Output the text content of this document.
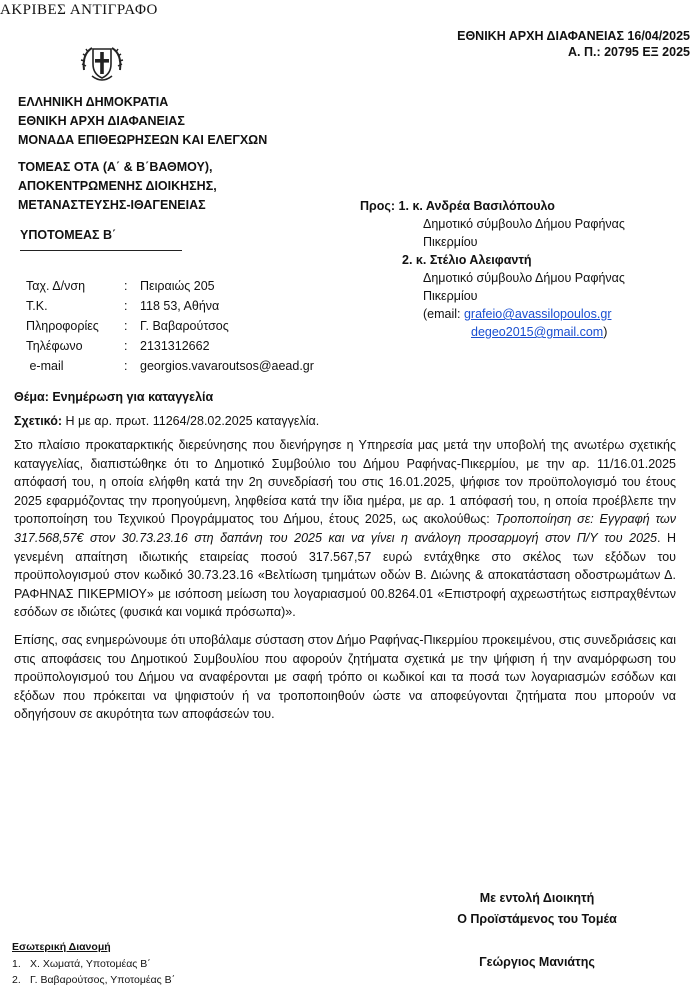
ΑΚΡΙΒΕΣ ΑΝΤΙΓΡΑΦΟ
ΕΘΝΙΚΗ ΑΡΧΗ ΔΙΑΦΑΝΕΙΑΣ 16/04/2025
Α. Π.: 20795 ΕΞ 2025
ΕΛΛΗΝΙΚΗ ΔΗΜΟΚΡΑΤΙΑ
ΕΘΝΙΚΗ ΑΡΧΗ ΔΙΑΦΑΝΕΙΑΣ
ΜΟΝΑΔΑ ΕΠΙΘΕΩΡΗΣΕΩΝ ΚΑΙ ΕΛΕΓΧΩΝ
ΤΟΜΕΑΣ ΟΤΑ (Α΄ & Β΄ΒΑΘΜΟΥ),
ΑΠΟΚΕΝΤΡΩΜΕΝΗΣ ΔΙΟΙΚΗΣΗΣ,
ΜΕΤΑΝΑΣΤΕΥΣΗΣ-ΙΘΑΓΕΝΕΙΑΣ
ΥΠΟΤΟΜΕΑΣ Β΄
Ταχ. Δ/νση	:	Πειραιώς 205
Τ.Κ.	:	118 53, Αθήνα
Πληροφορίες	:	Γ. Βαβαρούτσος
Τηλέφωνο	:	2131312662
e-mail	:	georgios.vavaroutsos@aead.gr
Προς: 1. κ. Ανδρέα Βασιλόπουλο
Δημοτικό σύμβουλο Δήμου Ραφήνας
Πικερμίου
2. κ. Στέλιο Αλειφαντή
Δημοτικό σύμβουλο Δήμου Ραφήνας
Πικερμίου
(email: grafeio@avassilopoulos.gr
degeo2015@gmail.com)
Θέμα: Ενημέρωση για καταγγελία
Σχετικό: Η με αρ. πρωτ. 11264/28.02.2025 καταγγελία.

Στο πλαίσιο προκαταρκτικής διερεύνησης που διενήργησε η Υπηρεσία μας μετά την υποβολή της ανωτέρω σχετικής καταγγελίας, διαπιστώθηκε ότι το Δημοτικό Συμβούλιο του Δήμου Ραφήνας-Πικερμίου, με την αρ. 11/16.01.2025 απόφασή του, η οποία ελήφθη κατά την 2η συνεδρίασή του στις 16.01.2025, ψήφισε τον προϋπολογισμό του έτους 2025 εφαρμόζοντας την προηγούμενη, ληφθείσα κατά την ίδια ημέρα, με αρ. 1 απόφασή του, η οποία προέβλεπε την τροποποίηση του Τεχνικού Προγράμματος του Δήμου, έτους 2025, ως ακολούθως: Τροποποίηση σε: Εγγραφή των 317.568,57€ στον 30.73.23.16 στη δαπάνη του 2025 και να γίνει η ανάλογη προσαρμογή στον Π/Υ του 2025. Η γενεμένη απαίτηση ιδιωτικής εταιρείας ποσού 317.567,57 ευρώ εντάχθηκε στο σκέλος των εξόδων του προϋπολογισμού στον κωδικό 30.73.23.16 «Βελτίωση τμημάτων οδών Β. Διώνης & αποκατάσταση οδοστρωμάτων Δ. ΡΑΦΗΝΑΣ ΠΙΚΕΡΜΙΟΥ» με ισόποση μείωση του λογαριασμού 00.8264.01 «Επιστροφή αχρεωστήτως εισπραχθέντων εσόδων σε ιδιώτες (φυσικά και νομικά πρόσωπα)».

Επίσης, σας ενημερώνουμε ότι υποβάλαμε σύσταση στον Δήμο Ραφήνας-Πικερμίου προκειμένου, στις συνεδριάσεις και στις αποφάσεις του Δημοτικού Συμβουλίου που αφορούν ζητήματα σχετικά με την ψήφιση ή την αναμόρφωση του προϋπολογισμού του Δήμου να αναφέρονται με σαφή τρόπο οι κωδικοί και τα ποσά των λογαριασμών εσόδων και εξόδων που πρόκειται να ψηφιστούν ή να τροποποιηθούν ώστε να αποφεύγονται ζητήματα που μπορούν να οδηγήσουν σε ακυρότητα των αποφάσεών του.

Με εντολή Διοικητή
Ο Προϊστάμενος του Τομέα
Γεώργιος Μανιάτης
Εσωτερική Διανομή
1. Χ. Χωματά, Υποτομέας Β΄
2. Γ. Βαβαρούτσος, Υποτομέας Β΄
